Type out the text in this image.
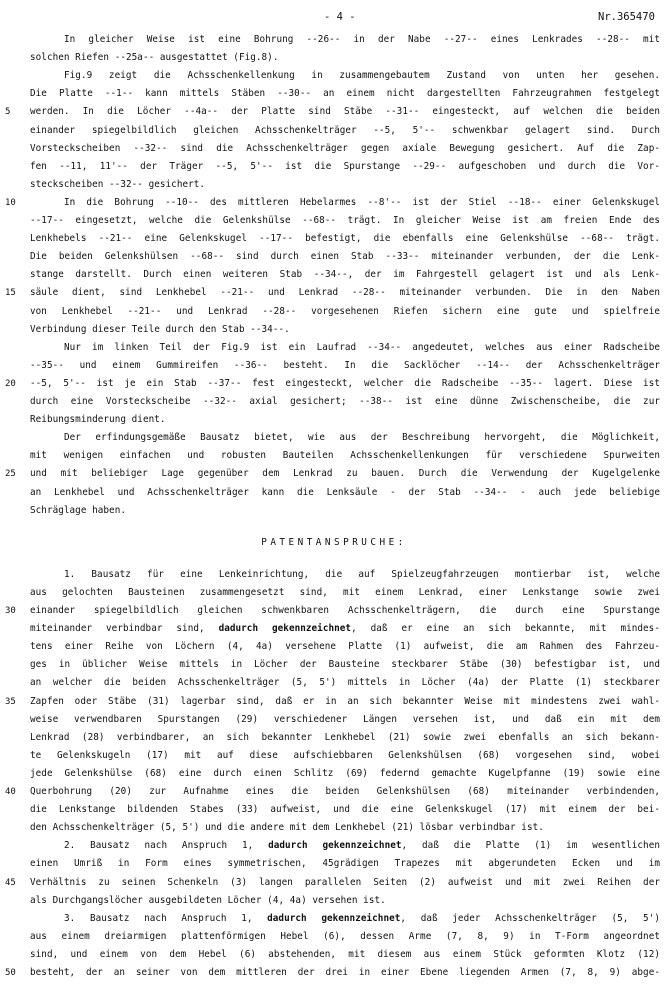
- 4 -	Nr.365470
In gleicher Weise ist eine Bohrung --26-- in der Nabe --27-- eines Lenkrades --28-- mit
solchen Riefen --25a-- ausgestattet (Fig.8).
Fig.9 zeigt die Achsschenkellenkung in zusammengebautem Zustand von unten her gesehen.
Die Platte --1-- kann mittels Stäben --30-- an einem nicht dargestellten Fahrzeugrahmen festgelegt
5 werden. In die Löcher --4a-- der Platte sind Stäbe --31-- eingesteckt, auf welchen die beiden
einander spiegelbildlich gleichen Achsschenkelträger --5, 5'-- schwenkbar gelagert sind. Durch
Vorsteckscheiben --32-- sind die Achsschenkelträger gegen axiale Bewegung gesichert. Auf die Zap-
fen --11, 11'-- der Träger --5, 5'-- ist die Spurstange --29-- aufgeschoben und durch die Vor-
steckscheiben --32-- gesichert.
10	In die Bohrung --10-- des mittleren Hebelarmes --8'-- ist der Stiel --18-- einer Gelenkskugel
--17-- eingesetzt, welche die Gelenkshülse --68-- trägt. In gleicher Weise ist am freien Ende des
Lenkhebels --21-- eine Gelenkskugel --17-- befestigt, die ebenfalls eine Gelenkshülse --68-- trägt.
Die beiden Gelenkshülsen --68-- sind durch einen Stab --33-- miteinander verbunden, der die Lenk-
stange darstellt. Durch einen weiteren Stab --34--, der im Fahrgestell gelagert ist und als Lenk-
15 säule dient, sind Lenkhebel --21-- und Lenkrad --28-- miteinander verbunden. Die in den Naben
von Lenkhebel --21-- und Lenkrad --28-- vorgesehenen Riefen sichern eine gute und spielfreie
Verbindung dieser Teile durch den Stab --34--.
Nur im linken Teil der Fig.9 ist ein Laufrad --34-- angedeutet, welches aus einer Radscheibe
--35-- und einem Gummireifen --36-- besteht. In die Sacklöcher --14-- der Achsschenkelträger
20 --5, 5'-- ist je ein Stab --37-- fest eingesteckt, welcher die Radscheibe --35-- lagert. Diese ist
durch eine Vorsteckscheibe --32-- axial gesichert; --38-- ist eine dünne Zwischenscheibe, die zur
Reibungsminderung dient.
Der erfindungsgemäße Bausatz bietet, wie aus der Beschreibung hervorgeht, die Möglichkeit,
mit wenigen einfachen und robusten Bauteilen Achsschenkellenkungen für verschiedene Spurweiten
25 und mit beliebiger Lage gegenüber dem Lenkrad zu bauen. Durch die Verwendung der Kugelgelenke
an Lenkhebel und Achsschenkelträger kann die Lenksäule - der Stab --34-- - auch jede beliebige
Schräglage haben.
PATENTANSPRÜCHE:
1. Bausatz für eine Lenkeinrichtung, die auf Spielzeugfahrzeugen montierbar ist, welche
aus gelochten Bausteinen zusammengesetzt sind, mit einem Lenkrad, einer Lenkstange sowie zwei
30 einander spiegelbildlich gleichen schwenkbaren Achsschenkelträgern, die durch eine Spurstange
miteinander verbindbar sind, dadurch gekennzeichnet, daß er eine an sich bekannte, mit mindes-
tens einer Reihe von Löchern (4, 4a) versehene Platte (1) aufweist, die am Rahmen des Fahrzeu-
ges in üblicher Weise mittels in Löcher der Bausteine steckbarer Stäbe (30) befestigbar ist, und
an welcher die beiden Achsschenkelträger (5, 5') mittels in Löcher (4a) der Platte (1) steckbarer
35 Zapfen oder Stäbe (31) lagerbar sind, daß er in an sich bekannter Weise mit mindestens zwei wahl-
weise verwendbaren Spurstangen (29) verschiedener Längen versehen ist, und daß ein mit dem
Lenkrad (28) verbindbarer, an sich bekannter Lenkhebel (21) sowie zwei ebenfalls an sich bekann-
te Gelenkskugeln (17) mit auf diese aufschiebbaren Gelenkshülsen (68) vorgesehen sind, wobei
jede Gelenkshülse (68) eine durch einen Schlitz (69) federnd gemachte Kugelpfanne (19) sowie eine
40 Querbohrung (20) zur Aufnahme eines die beiden Gelenkshülsen (68) miteinander verbindenden,
die Lenkstange bildenden Stabes (33) aufweist, und die eine Gelenkskugel (17) mit einem der bei-
den Achsschenkelträger (5, 5') und die andere mit dem Lenkhebel (21) lösbar verbindbar ist.
2. Bausatz nach Anspruch 1, dadurch gekennzeichnet, daß die Platte (1) im wesentlichen
einen Umriß in Form eines symmetrischen, 45grädigen Trapezes mit abgerundeten Ecken und im
45 Verhältnis zu seinen Schenkeln (3) langen parallelen Seiten (2) aufweist und mit zwei Reihen der
als Durchgangslöcher ausgebildeten Löcher (4, 4a) versehen ist.
3. Bausatz nach Anspruch 1, dadurch gekennzeichnet, daß jeder Achsschenkelträger (5, 5')
aus einem dreiarmigen plattenförmigen Hebel (6), dessen Arme (7, 8, 9) in T-Form angeordnet
sind, und einem von dem Hebel (6) abstehenden, mit diesem aus einem Stück geformten Klotz (12)
50 besteht, der an seiner von dem mittleren der drei in einer Ebene liegenden Armen (7, 8, 9) abge-
